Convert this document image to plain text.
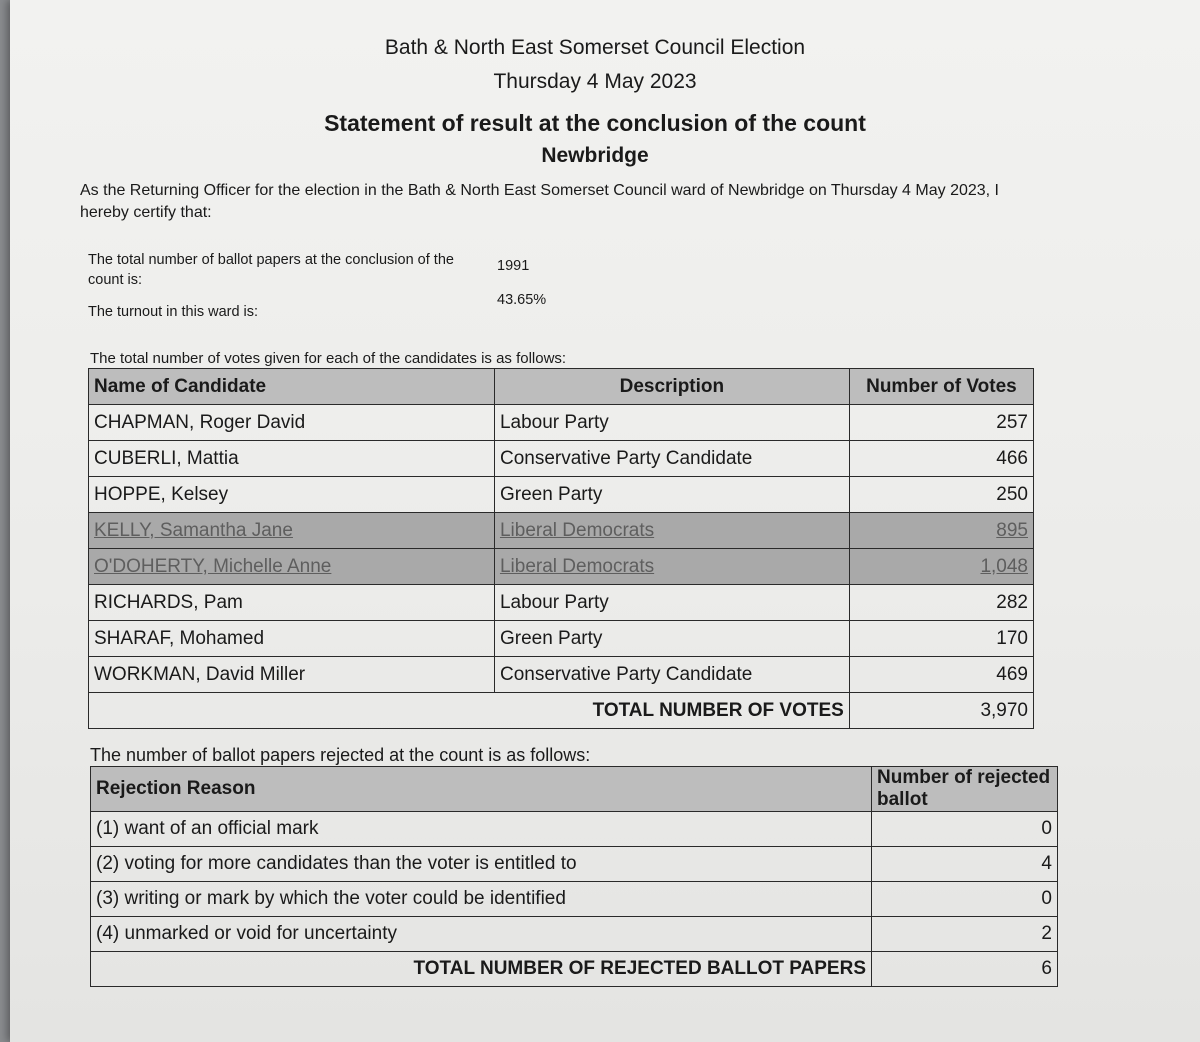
Bath & North East Somerset Council Election
Thursday 4 May 2023
Statement of result at the conclusion of the count
Newbridge
As the Returning Officer for the election in the Bath & North East Somerset Council ward of Newbridge on Thursday 4 May 2023, I hereby certify that:
The total number of ballot papers at the conclusion of the count is:
1991
The turnout in this ward is:
43.65%
The total number of votes given for each of the candidates is as follows:
Name of Candidate	Description	Number of Votes
CHAPMAN, Roger David	Labour Party	257
CUBERLI, Mattia	Conservative Party Candidate	466
HOPPE, Kelsey	Green Party	250
KELLY, Samantha Jane	Liberal Democrats	895
O'DOHERTY, Michelle Anne	Liberal Democrats	1,048
RICHARDS, Pam	Labour Party	282
SHARAF, Mohamed	Green Party	170
WORKMAN, David Miller	Conservative Party Candidate	469
TOTAL NUMBER OF VOTES		3,970
The number of ballot papers rejected at the count is as follows:
Rejection Reason	Number of rejected ballot
(1) want of an official mark	0
(2) voting for more candidates than the voter is entitled to	4
(3) writing or mark by which the voter could be identified	0
(4) unmarked or void for uncertainty	2
TOTAL NUMBER OF REJECTED BALLOT PAPERS	6
